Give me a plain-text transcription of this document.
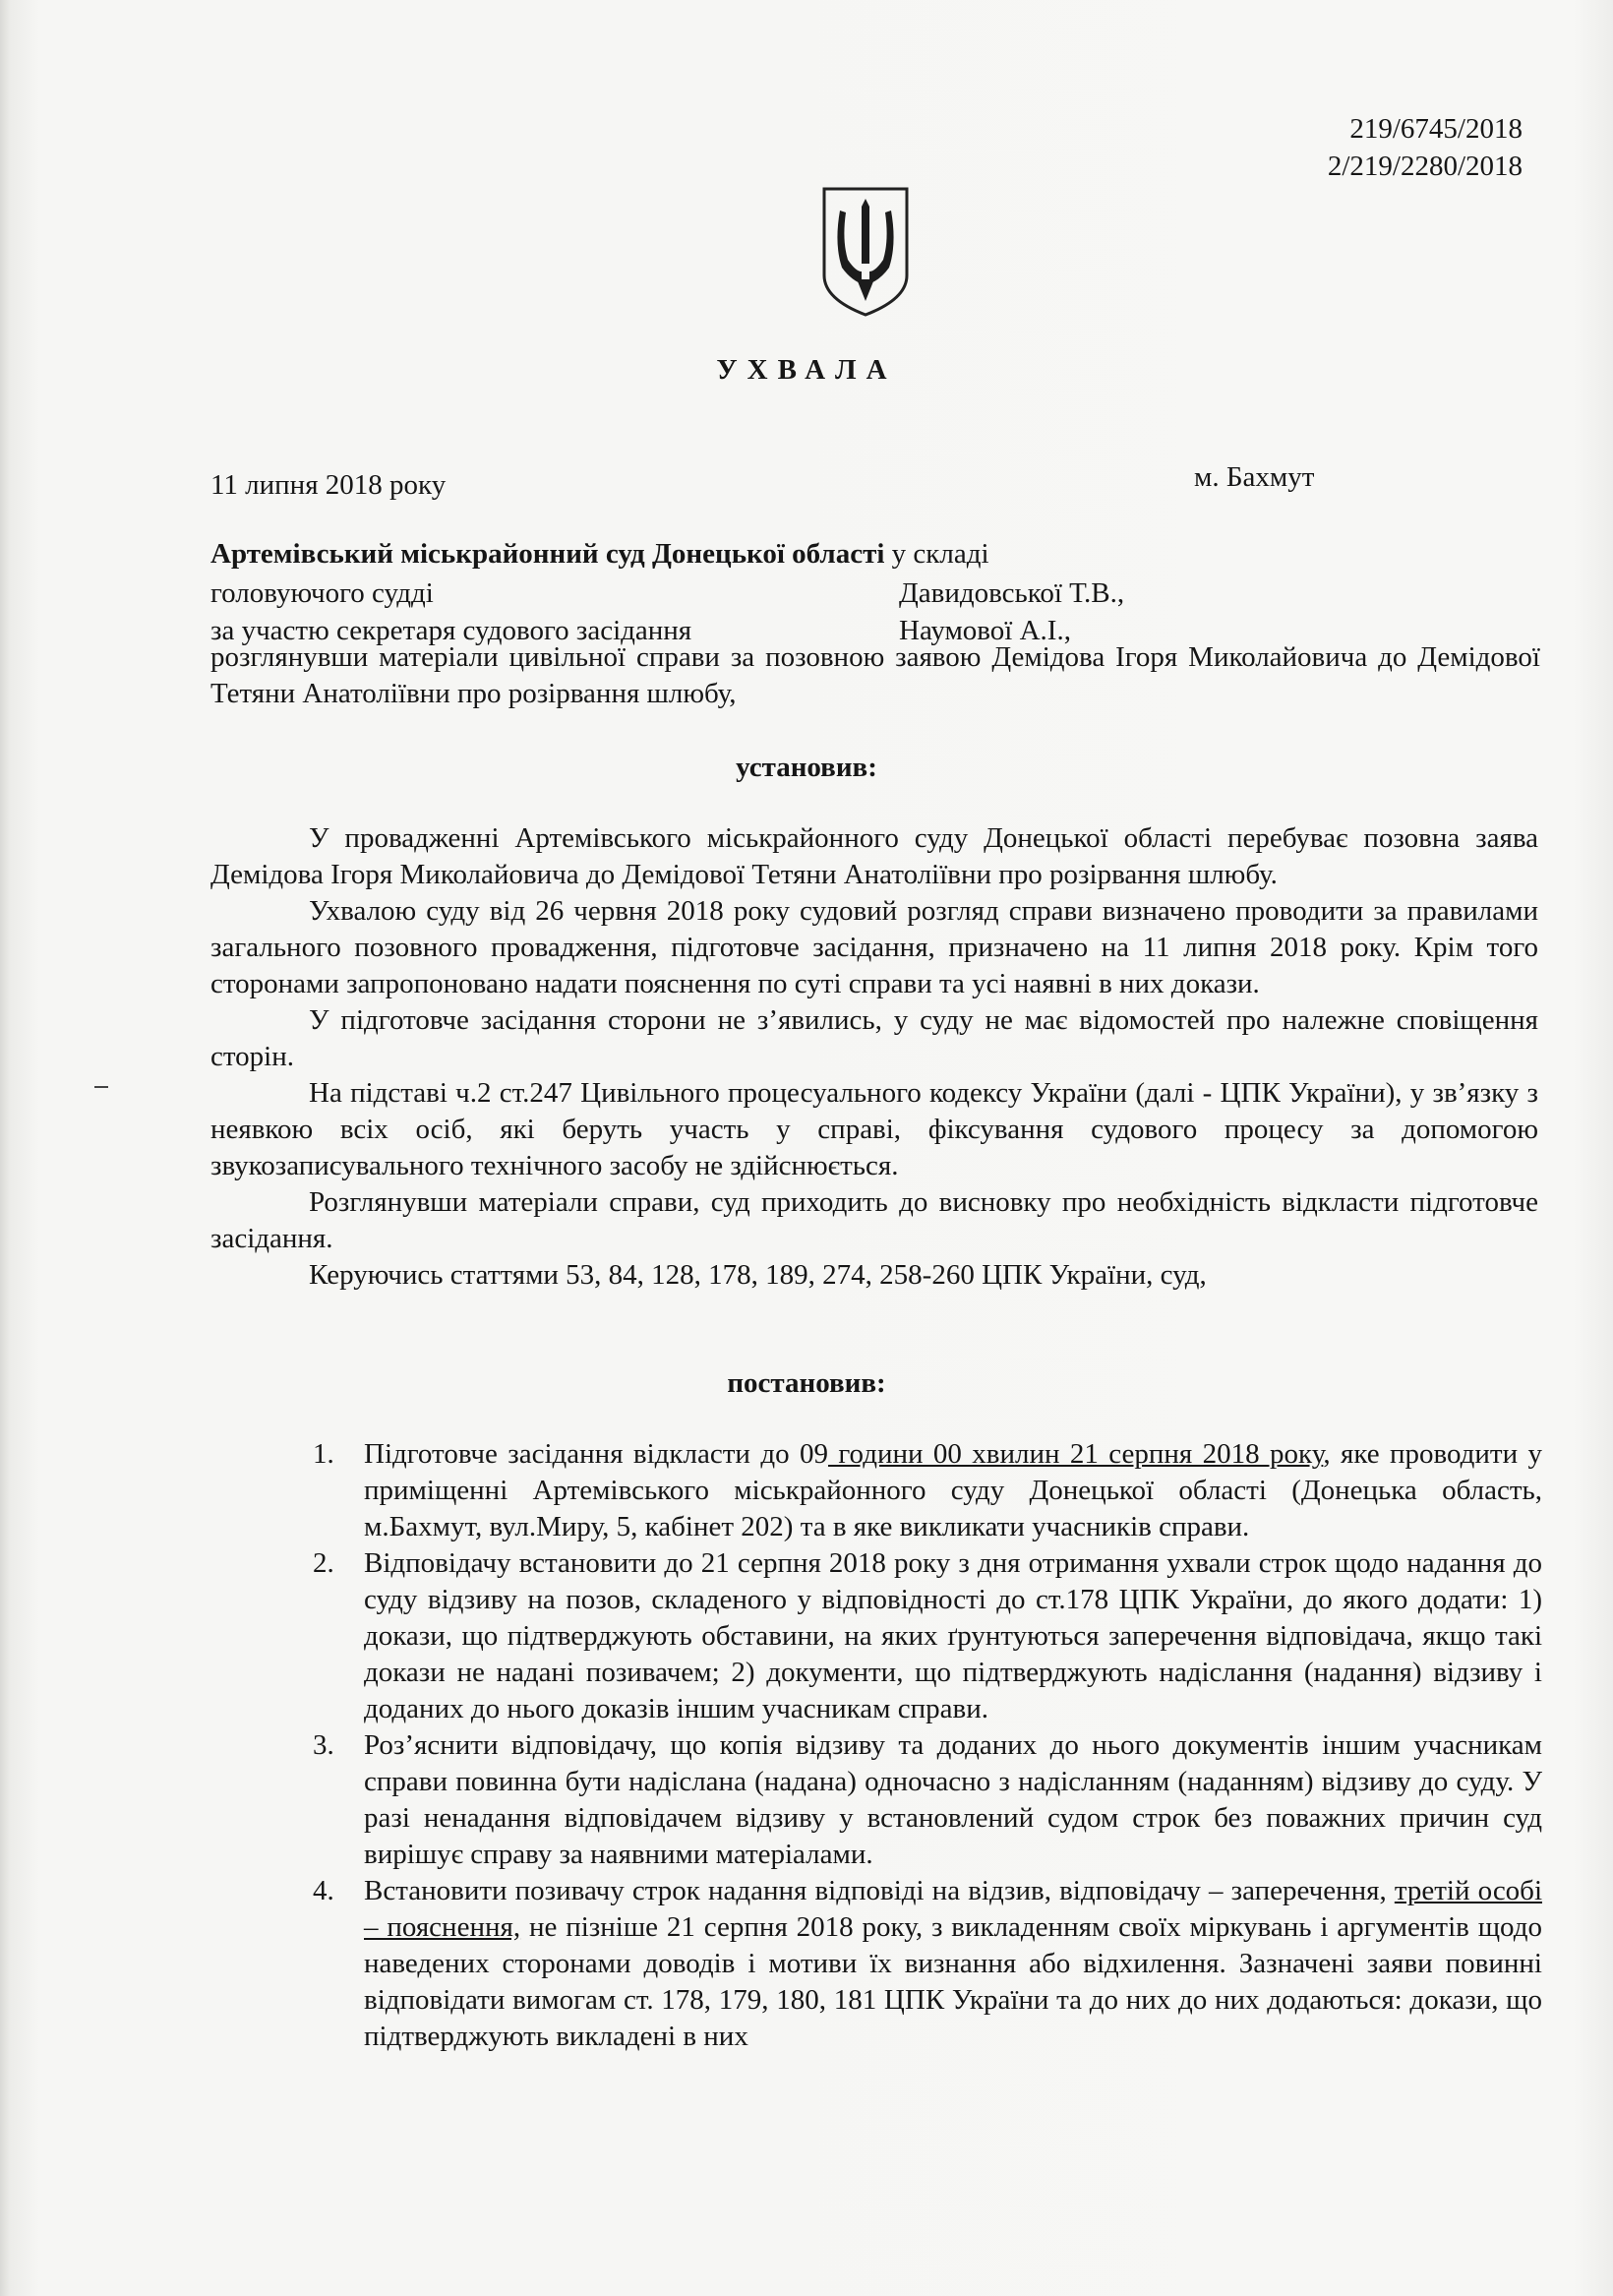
219/6745/2018
2/219/2280/2018
УХВАЛА
11 липня 2018 року	м. Бахмут
Артемівський міськрайонний суд Донецької області у складі
головуючого судді	Давидовської Т.В.,
за участю секретаря судового засідання	Наумової А.І.,
розглянувши матеріали цивільної справи за позовною заявою Демідова Ігоря Миколайовича до Демідової Тетяни Анатоліївни про розірвання шлюбу,
установив:

У провадженні Артемівського міськрайонного суду Донецької області перебуває позовна заява Демідова Ігоря Миколайовича до Демідової Тетяни Анатоліївни про розірвання шлюбу.

Ухвалою суду від 26 червня 2018 року судовий розгляд справи визначено проводити за правилами загального позовного провадження, підготовче засідання, призначено на 11 липня 2018 року. Крім того сторонами запропоновано надати пояснення по суті справи та усі наявні в них докази.

У підготовче засідання сторони не з’явились, у суду не має відомостей про належне сповіщення сторін.

На підставі ч.2 ст.247 Цивільного процесуального кодексу України (далі - ЦПК України), у зв’язку з неявкою всіх осіб, які беруть участь у справі, фіксування судового процесу за допомогою звукозаписувального технічного засобу не здійснюється.

Розглянувши матеріали справи, суд приходить до висновку про необхідність відкласти підготовче засідання.

Керуючись статтями 53, 84, 128, 178, 189, 274, 258-260 ЦПК України, суд,

постановив:
1. Підготовче засідання відкласти до 09 години 00 хвилин 21 серпня 2018 року, яке проводити у приміщенні Артемівського міськрайонного суду Донецької області (Донецька область, м.Бахмут, вул.Миру, 5, кабінет 202) та в яке викликати учасників справи.
2. Відповідачу встановити до 21 серпня 2018 року з дня отримання ухвали строк щодо надання до суду відзиву на позов, складеного у відповідності до ст.178 ЦПК України, до якого додати: 1) докази, що підтверджують обставини, на яких ґрунтуються заперечення відповідача, якщо такі докази не надані позивачем; 2) документи, що підтверджують надіслання (надання) відзиву і доданих до нього доказів іншим учасникам справи.
3. Роз’яснити відповідачу, що копія відзиву та доданих до нього документів іншим учасникам справи повинна бути надіслана (надана) одночасно з надісланням (наданням) відзиву до суду. У разі ненадання відповідачем відзиву у встановлений судом строк без поважних причин суд вирішує справу за наявними матеріалами.
4. Встановити позивачу строк надання відповіді на відзив, відповідачу – заперечення, третій особі – пояснення, не пізніше 21 серпня 2018 року, з викладенням своїх міркувань і аргументів щодо наведених сторонами доводів і мотиви їх визнання або відхилення. Зазначені заяви повинні відповідати вимогам ст. 178, 179, 180, 181 ЦПК України та до них до них додаються: докази, що підтверджують викладені в них
